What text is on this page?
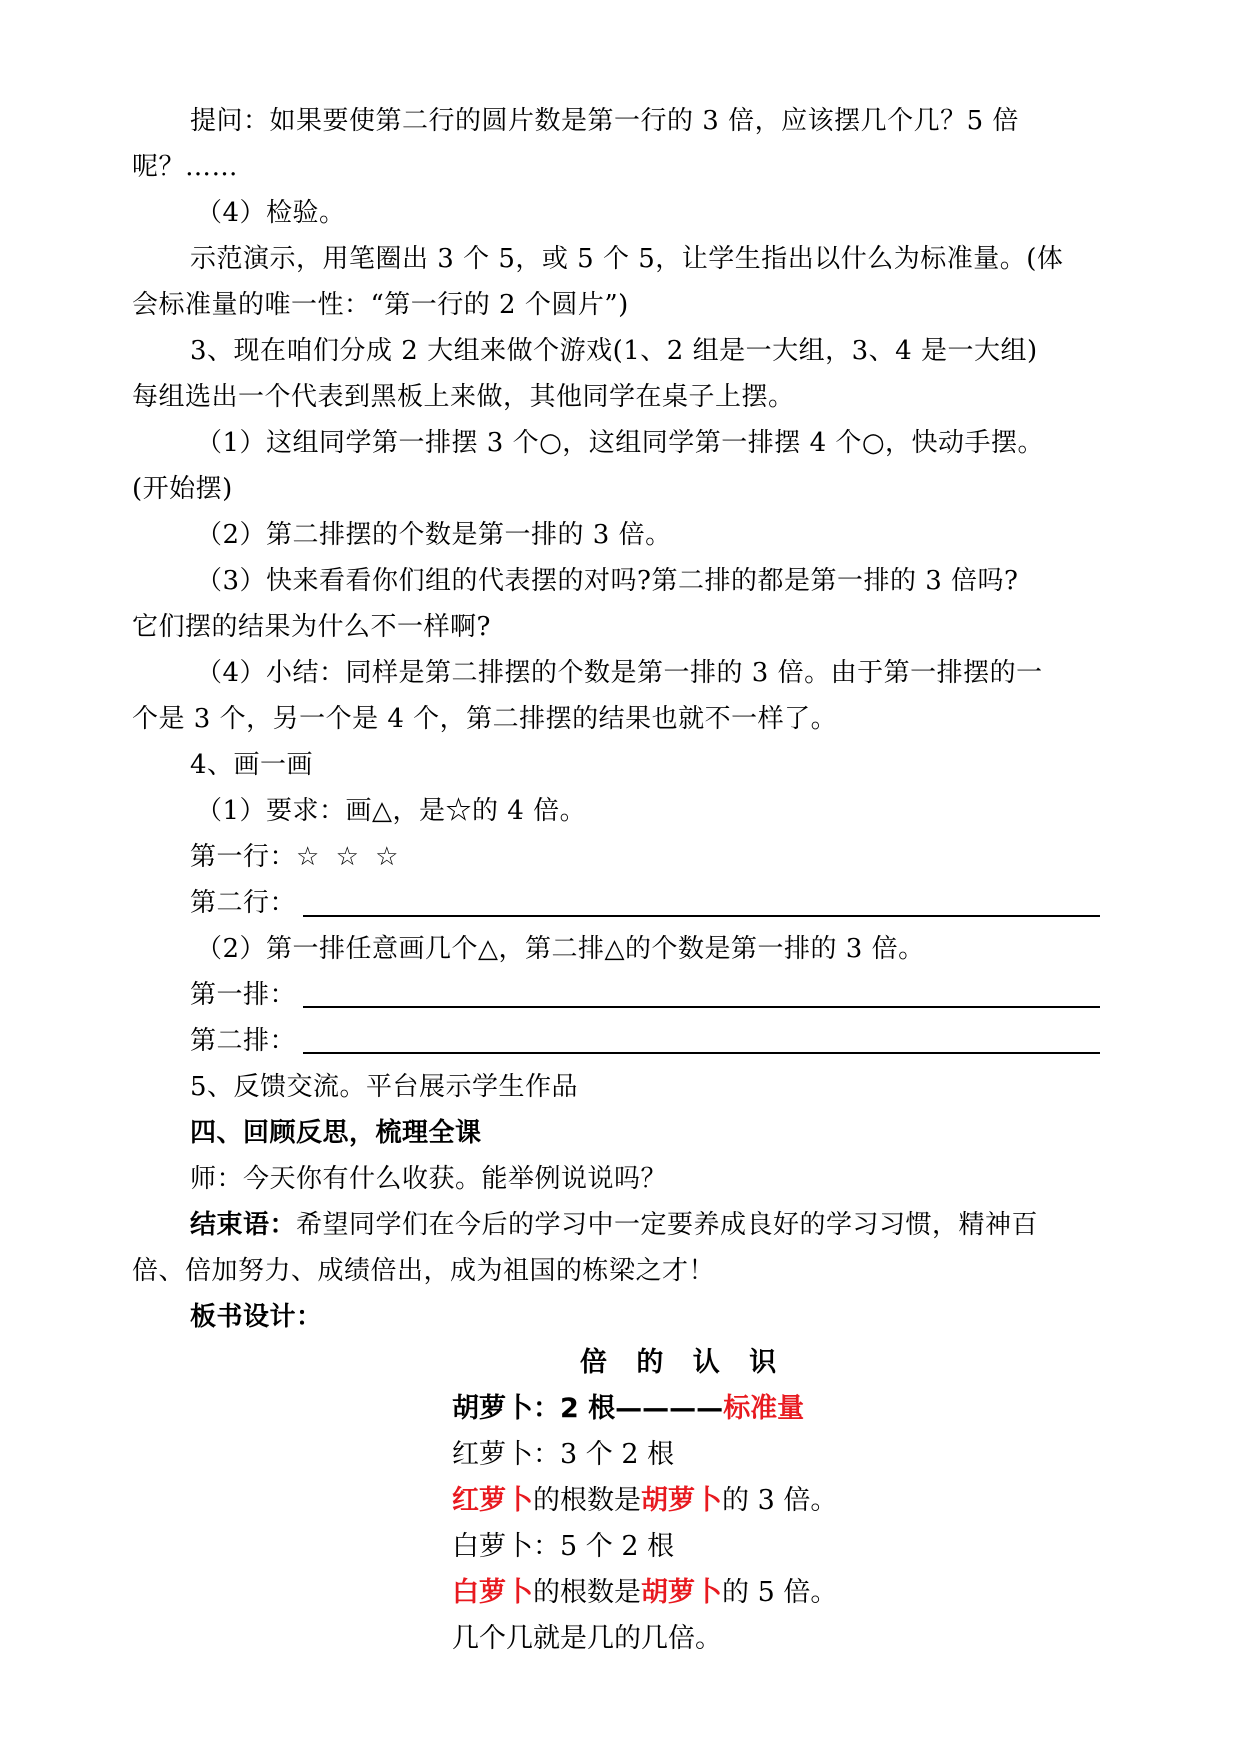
提问：如果要使第二行的圆片数是第一行的 3 倍，应该摆几个几？5 倍
呢？……
（4）检验。
示范演示，用笔圈出 3 个 5，或 5 个 5，让学生指出以什么为标准量。(体
会标准量的唯一性：“第一行的 2 个圆片”)
3、现在咱们分成 2 大组来做个游戏(1、2 组是一大组，3、4 是一大组)
每组选出一个代表到黑板上来做，其他同学在桌子上摆。
（1）这组同学第一排摆 3 个○，这组同学第一排摆 4 个○，快动手摆。
(开始摆)
（2）第二排摆的个数是第一排的 3 倍。
（3）快来看看你们组的代表摆的对吗?第二排的都是第一排的 3 倍吗?
它们摆的结果为什么不一样啊?
（4）小结：同样是第二排摆的个数是第一排的 3 倍。由于第一排摆的一
个是 3 个，另一个是 4 个，第二排摆的结果也就不一样了。
4、画一画
（1）要求：画△，是☆的 4 倍。
第一行：☆ ☆ ☆
第二行：
（2）第一排任意画几个△，第二排△的个数是第一排的 3 倍。
第一排：
第二排：
5、反馈交流。平台展示学生作品
四、回顾反思，梳理全课
师：今天你有什么收获。能举例说说吗？
结束语：希望同学们在今后的学习中一定要养成良好的学习习惯，精神百
倍、倍加努力、成绩倍出，成为祖国的栋梁之才！
板书设计：
倍 的 认 识
胡萝卜：2 根————标准量
红萝卜：3 个 2 根
红萝卜的根数是胡萝卜的 3 倍。
白萝卜：5 个 2 根
白萝卜的根数是胡萝卜的 5 倍。
几个几就是几的几倍。
